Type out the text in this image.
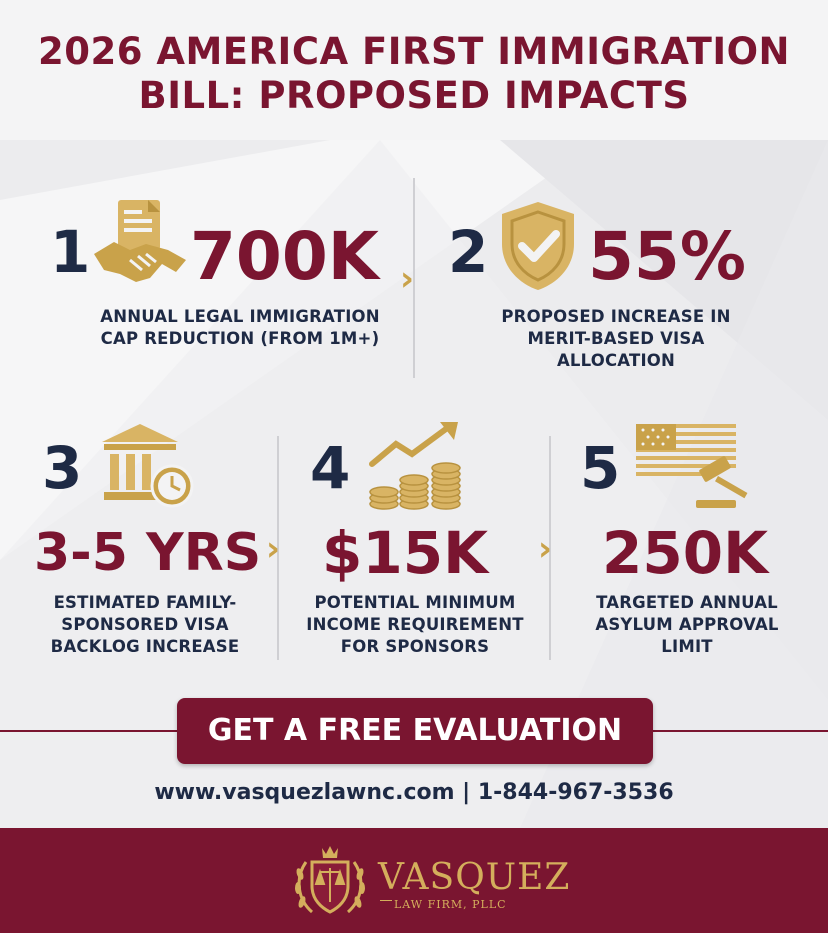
2026 AMERICA FIRST IMMIGRATION
BILL: PROPOSED IMPACTS
1 700K
ANNUAL LEGAL IMMIGRATION
CAP REDUCTION (FROM 1M+)
› 2 55%
PROPOSED INCREASE IN
MERIT-BASED VISA
ALLOCATION
3
3-5 YRS
ESTIMATED FAMILY-
SPONSORED VISA
BACKLOG INCREASE
›
4
$15K
POTENTIAL MINIMUM
INCOME REQUIREMENT
FOR SPONSORS
›
5
250K
TARGETED ANNUAL
ASYLUM APPROVAL
LIMIT
GET A FREE EVALUATION
www.vasquezlawnc.com | 1-844-967-3536
VASQUEZ
LAW FIRM, PLLC
